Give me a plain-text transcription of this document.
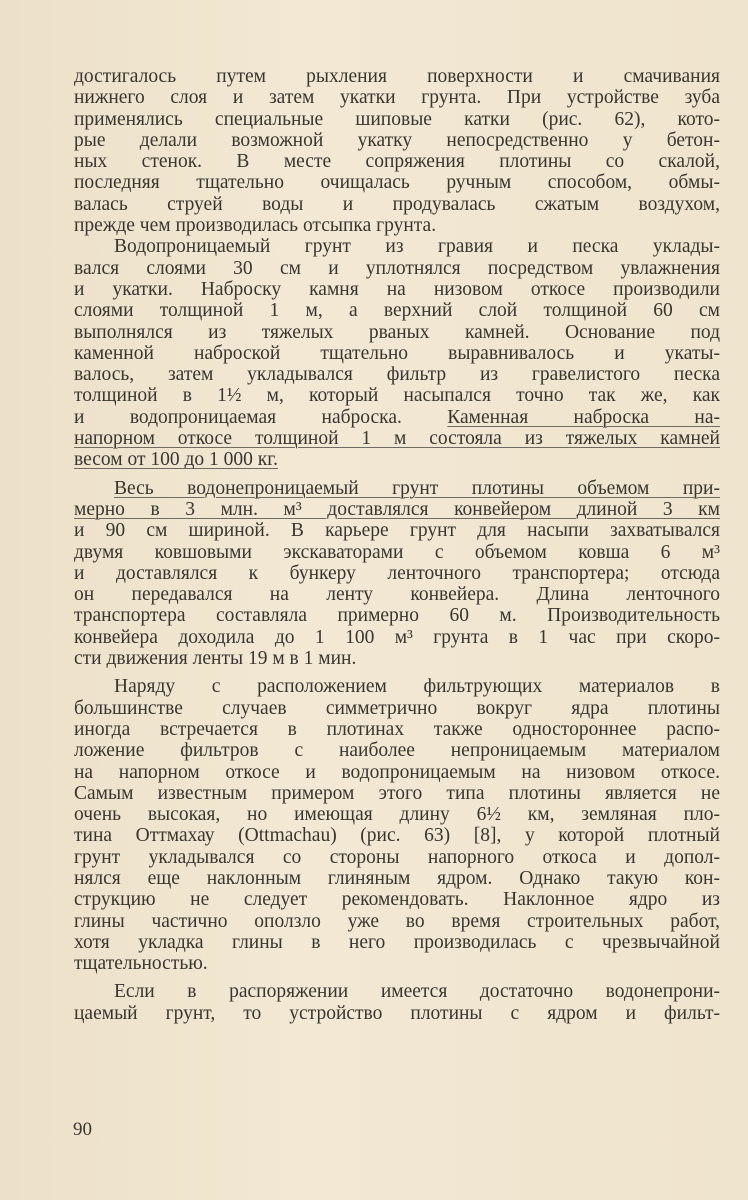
достигалось путем рыхления поверхности и смачивания
нижнего слоя и затем укатки грунта. При устройстве зуба
применялись специальные шиповые катки (рис. 62), кото-
рые делали возможной укатку непосредственно у бетон-
ных стенок. В месте сопряжения плотины со скалой,
последняя тщательно очищалась ручным способом, обмы-
валась струей воды и продувалась сжатым воздухом,
прежде чем производилась отсыпка грунта.
Водопроницаемый грунт из гравия и песка уклады-
вался слоями 30 см и уплотнялся посредством увлажнения
и укатки. Наброску камня на низовом откосе производили
слоями толщиной 1 м, а верхний слой толщиной 60 см
выполнялся из тяжелых рваных камней. Основание под
каменной наброской тщательно выравнивалось и укаты-
валось, затем укладывался фильтр из гравелистого песка
толщиной в 1½ м, который насыпался точно так же, как
и водопроницаемая наброска. Каменная наброска на-
напорном откосе толщиной 1 м состояла из тяжелых камней
весом от 100 до 1 000 кг.
Весь водонепроницаемый грунт плотины объемом при-
мерно в 3 млн. м³ доставлялся конвейером длиной 3 км
и 90 см шириной. В карьере грунт для насыпи захватывался
двумя ковшовыми экскаваторами с объемом ковша 6 м³
и доставлялся к бункеру ленточного транспортера; отсюда
он передавался на ленту конвейера. Длина ленточного
транспортера составляла примерно 60 м. Производительность
конвейера доходила до 1 100 м³ грунта в 1 час при скоро-
сти движения ленты 19 м в 1 мин.
Наряду с расположением фильтрующих материалов в
большинстве случаев симметрично вокруг ядра плотины
иногда встречается в плотинах также одностороннее распо-
ложение фильтров с наиболее непроницаемым материалом
на напорном откосе и водопроницаемым на низовом откосе.
Самым известным примером этого типа плотины является не
очень высокая, но имеющая длину 6½ км, земляная пло-
тина Оттмахау (Ottmachau) (рис. 63) [8], у которой плотный
грунт укладывался со стороны напорного откоса и допол-
нялся еще наклонным глиняным ядром. Однако такую кон-
струкцию не следует рекомендовать. Наклонное ядро из
глины частично оползло уже во время строительных работ,
хотя укладка глины в него производилась с чрезвычайной
тщательностью.
Если в распоряжении имеется достаточно водонепрони-
цаемый грунт, то устройство плотины с ядром и фильт-
90
